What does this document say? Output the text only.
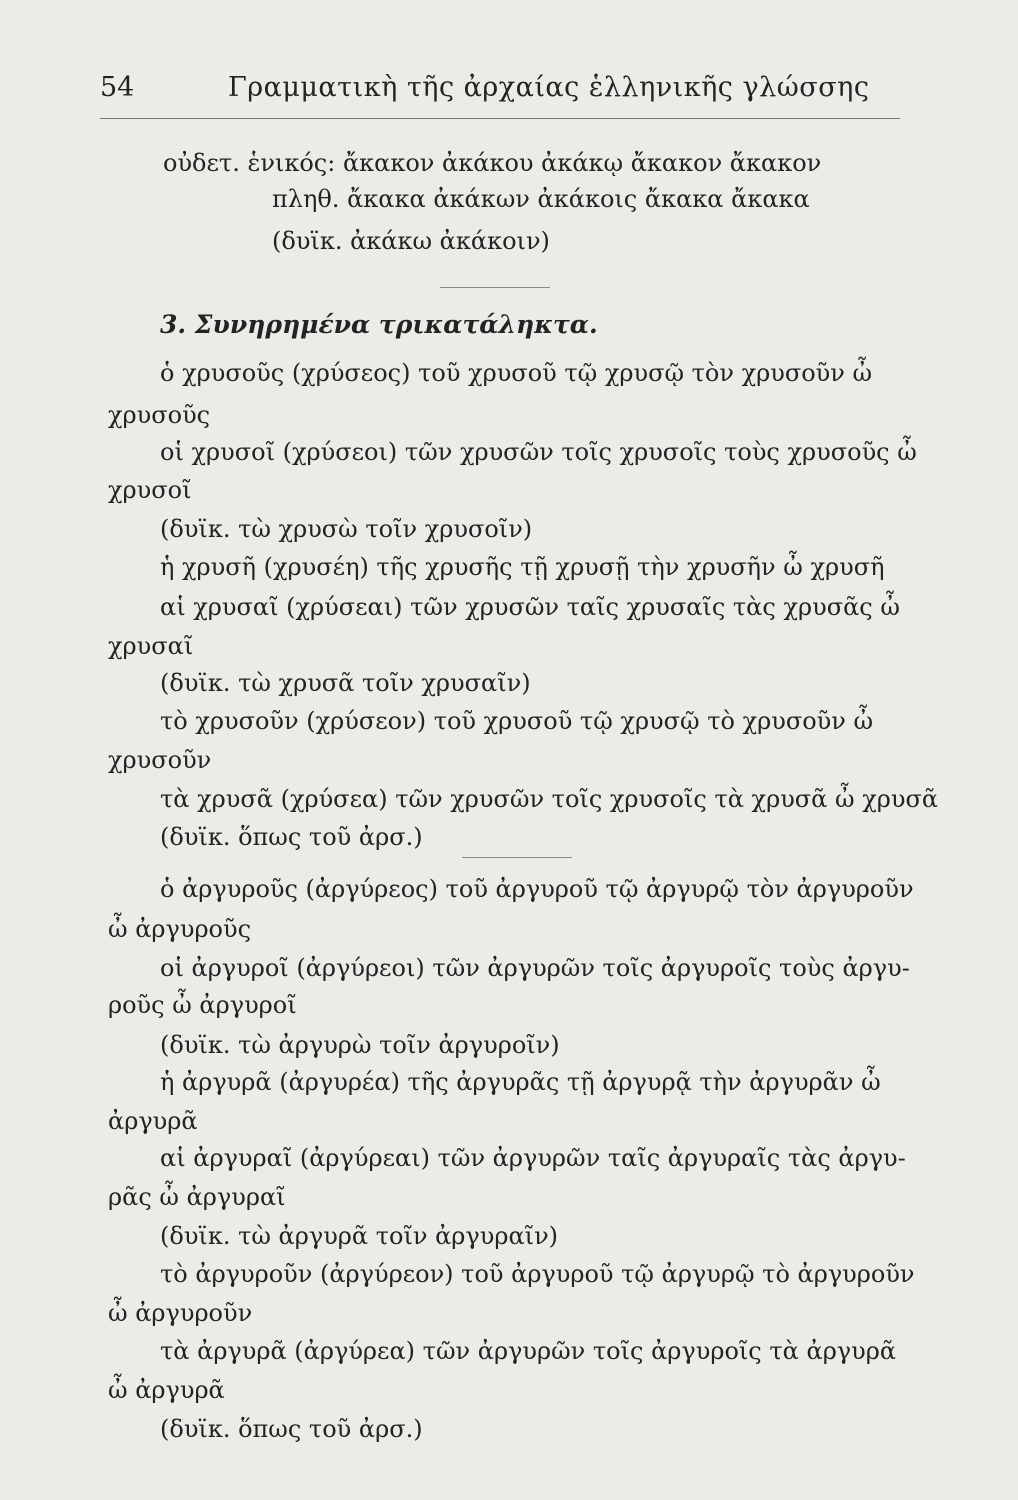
54	Γραμματικὴ τῆς ἀρχαίας ἑλληνικῆς γλώσσης
οὐδετ. ἑνικός: ἄκακον ἀκάκου ἀκάκῳ ἄκακον ἄκακον
πληθ. ἄκακα ἀκάκων ἀκάκοις ἄκακα ἄκακα
(δυϊκ. ἀκάκω ἀκάκοιν)
3. Συνηρημένα τρικατάληκτα.
ὁ χρυσοῦς (χρύσεος) τοῦ χρυσοῦ τῷ χρυσῷ τὸν χρυσοῦν ὦ
χρυσοῦς
οἱ χρυσοῖ (χρύσεοι) τῶν χρυσῶν τοῖς χρυσοῖς τοὺς χρυσοῦς ὦ
χρυσοῖ
(δυϊκ. τὼ χρυσὼ τοῖν χρυσοῖν)
ἡ χρυσῆ (χρυσέη) τῆς χρυσῆς τῇ χρυσῇ τὴν χρυσῆν ὦ χρυσῆ
αἱ χρυσαῖ (χρύσεαι) τῶν χρυσῶν ταῖς χρυσαῖς τὰς χρυσᾶς ὦ
χρυσαῖ
(δυϊκ. τὼ χρυσᾶ τοῖν χρυσαῖν)
τὸ χρυσοῦν (χρύσεον) τοῦ χρυσοῦ τῷ χρυσῷ τὸ χρυσοῦν ὦ
χρυσοῦν
τὰ χρυσᾶ (χρύσεα) τῶν χρυσῶν τοῖς χρυσοῖς τὰ χρυσᾶ ὦ χρυσᾶ
(δυϊκ. ὅπως τοῦ ἀρσ.)
ὁ ἀργυροῦς (ἀργύρεος) τοῦ ἀργυροῦ τῷ ἀργυρῷ τὸν ἀργυροῦν
ὦ ἀργυροῦς
οἱ ἀργυροῖ (ἀργύρεοι) τῶν ἀργυρῶν τοῖς ἀργυροῖς τοὺς ἀργυ-
ροῦς ὦ ἀργυροῖ
(δυϊκ. τὼ ἀργυρὼ τοῖν ἀργυροῖν)
ἡ ἀργυρᾶ (ἀργυρέα) τῆς ἀργυρᾶς τῇ ἀργυρᾷ τὴν ἀργυρᾶν ὦ
ἀργυρᾶ
αἱ ἀργυραῖ (ἀργύρεαι) τῶν ἀργυρῶν ταῖς ἀργυραῖς τὰς ἀργυ-
ρᾶς ὦ ἀργυραῖ
(δυϊκ. τὼ ἀργυρᾶ τοῖν ἀργυραῖν)
τὸ ἀργυροῦν (ἀργύρεον) τοῦ ἀργυροῦ τῷ ἀργυρῷ τὸ ἀργυροῦν
ὦ ἀργυροῦν
τὰ ἀργυρᾶ (ἀργύρεα) τῶν ἀργυρῶν τοῖς ἀργυροῖς τὰ ἀργυρᾶ
ὦ ἀργυρᾶ
(δυϊκ. ὅπως τοῦ ἀρσ.)
